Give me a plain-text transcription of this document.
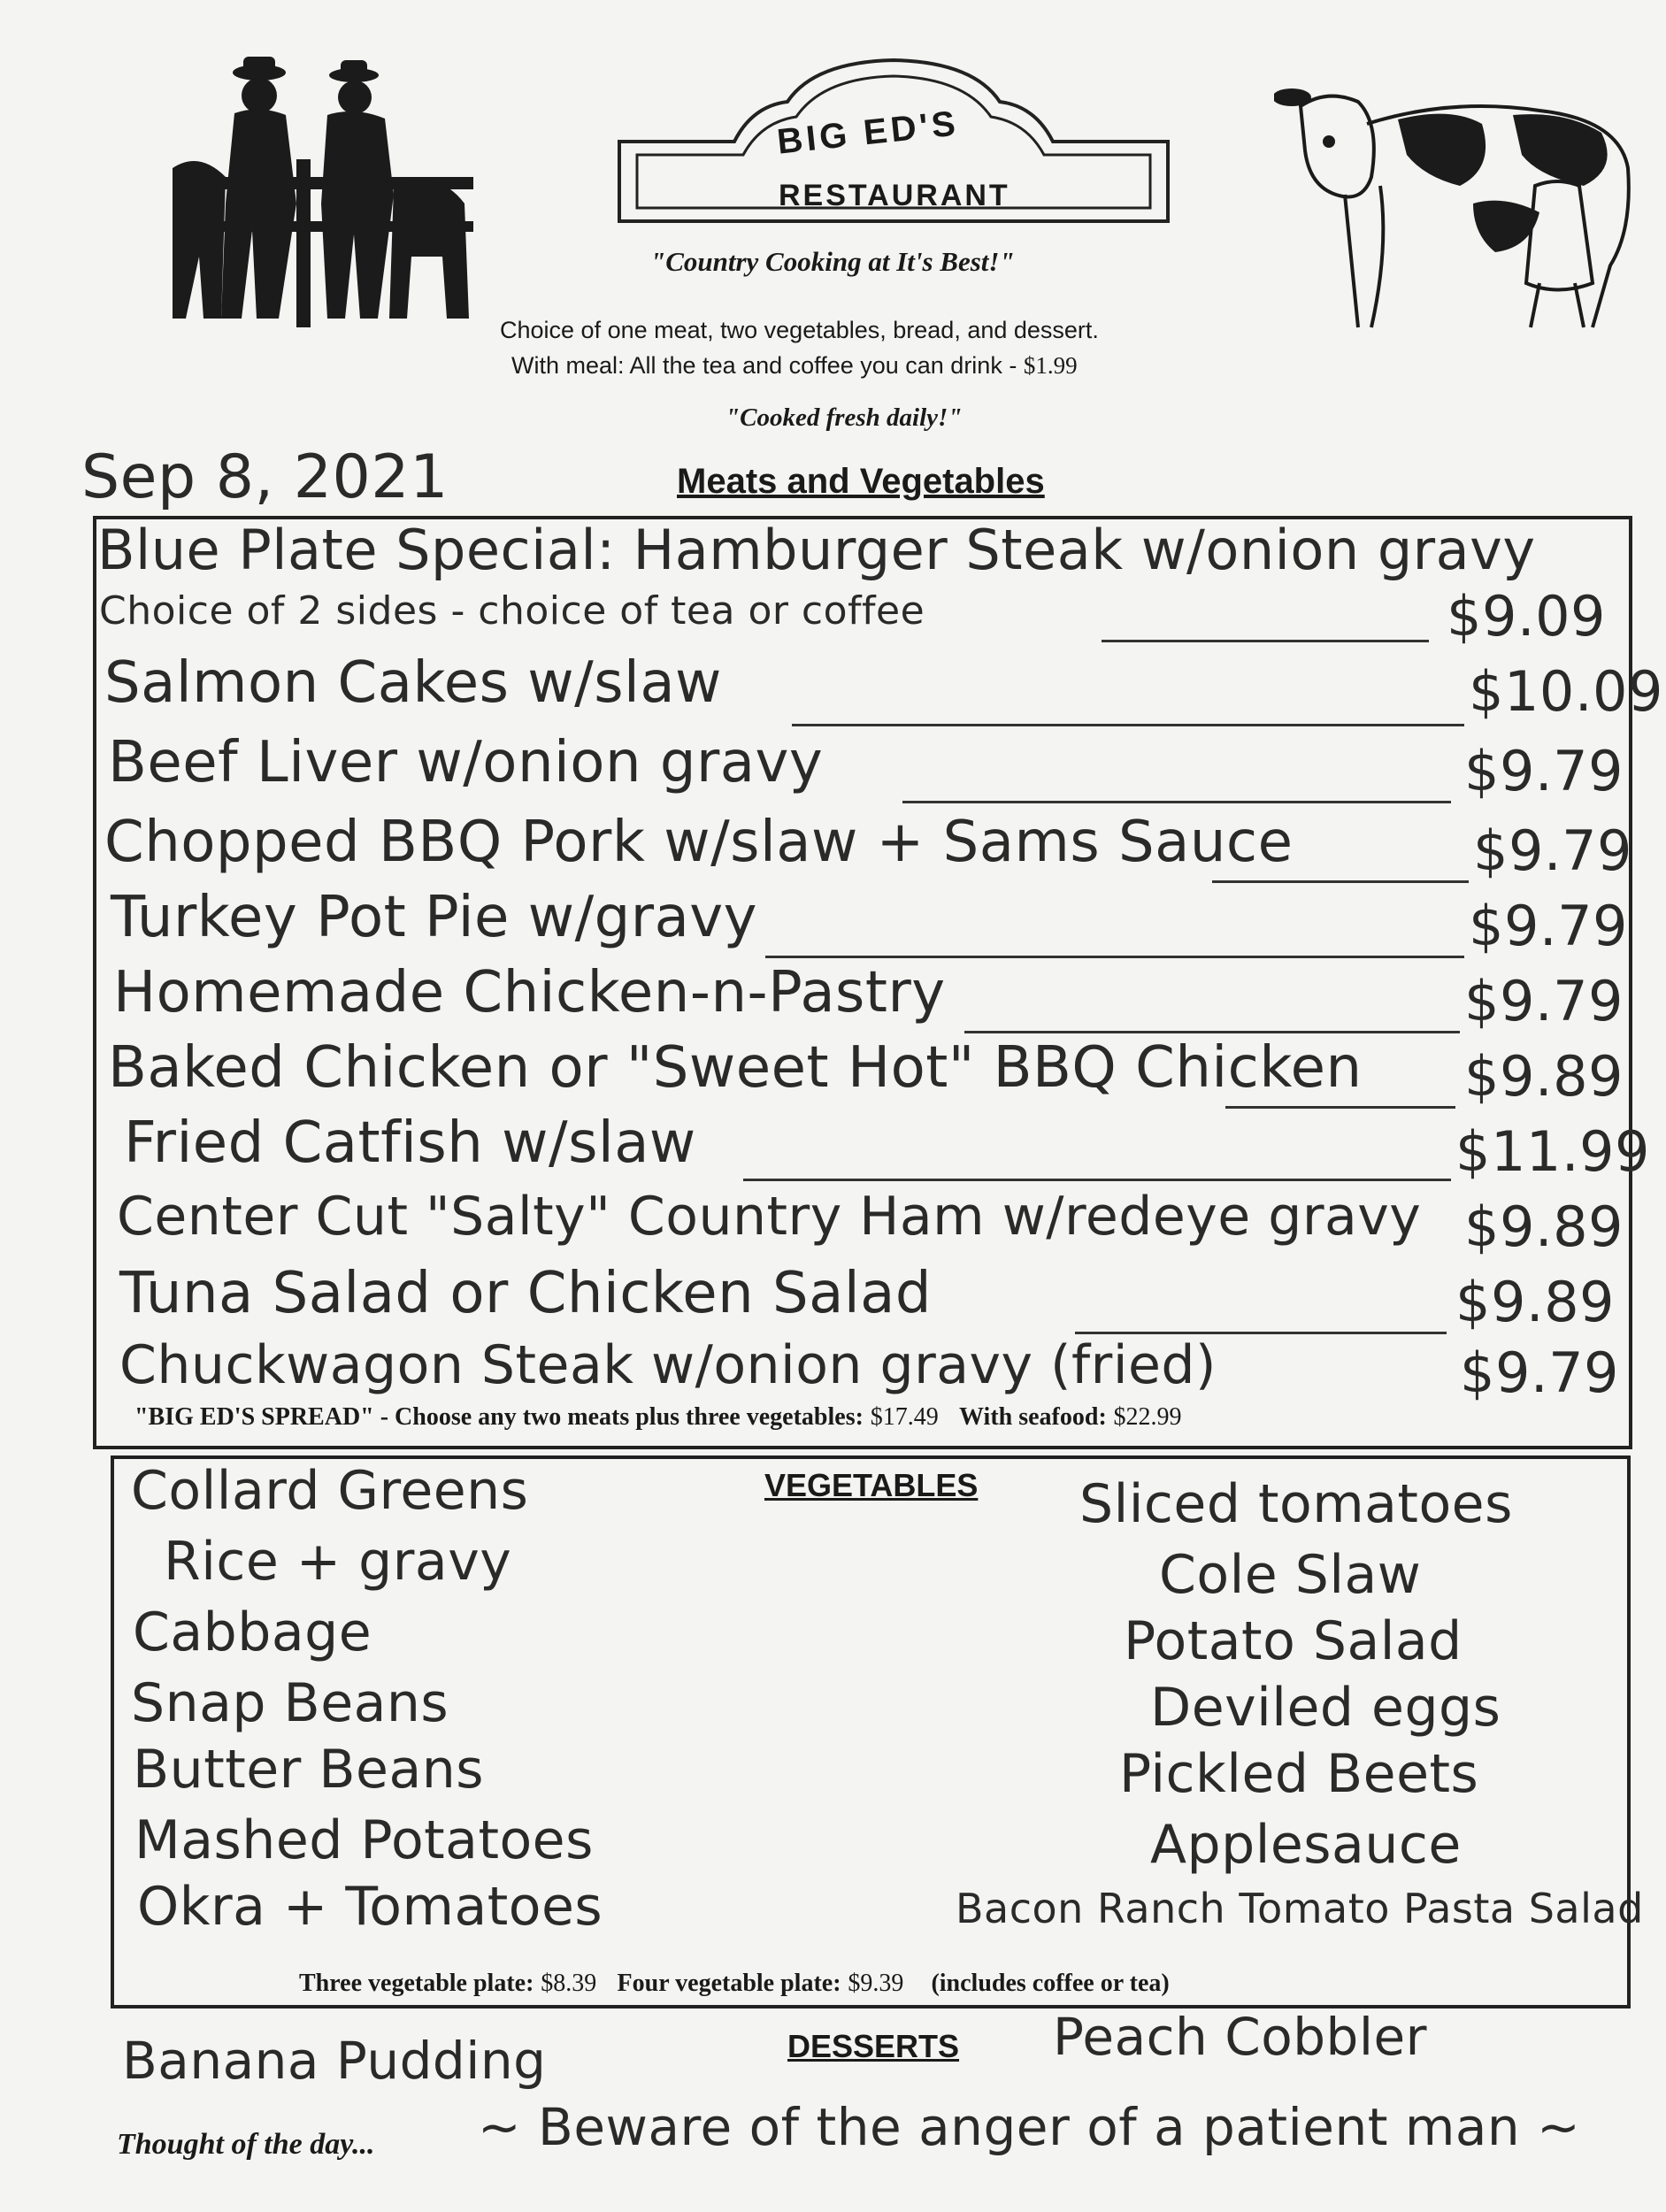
BIG ED'S
RESTAURANT
"Country Cooking at It's Best!"
Choice of one meat, two vegetables, bread, and dessert.
With meal: All the tea and coffee you can drink - $1.99
"Cooked fresh daily!"
Sep 8, 2021	Meats and Vegetables
Blue Plate Special: Hamburger Steak w/onion gravy
Choice of 2 sides - choice of tea or coffee	$9.09
Salmon Cakes w/slaw	$10.09
Beef Liver w/onion gravy	$9.79
Chopped BBQ Pork w/slaw + Sams Sauce	$9.79
Turkey Pot Pie w/gravy	$9.79
Homemade Chicken-n-Pastry	$9.79
Baked Chicken or "Sweet Hot" BBQ Chicken $9.89
Fried Catfish w/slaw	$11.99
Center Cut "Salty" Country Ham w/redeye gravy $9.89
Tuna Salad or Chicken Salad	$9.89
Chuckwagon Steak w/onion gravy (fried)	$9.79
"BIG ED'S SPREAD" - Choose any two meats plus three vegetables: $17.49 With seafood: $22.99
VEGETABLES
Collard Greens
Rice + gravy
Cabbage
Snap Beans
Butter Beans
Mashed Potatoes
Okra + Tomatoes
Sliced tomatoes
Cole Slaw
Potato Salad
Deviled eggs
Pickled Beets
Applesauce
Bacon Ranch Tomato Pasta Salad
Three vegetable plate: $8.39 Four vegetable plate: $9.39 (includes coffee or tea)
DESSERTS
Banana Pudding	Peach Cobbler
Thought of the day... ~ Beware of the anger of a patient man ~
